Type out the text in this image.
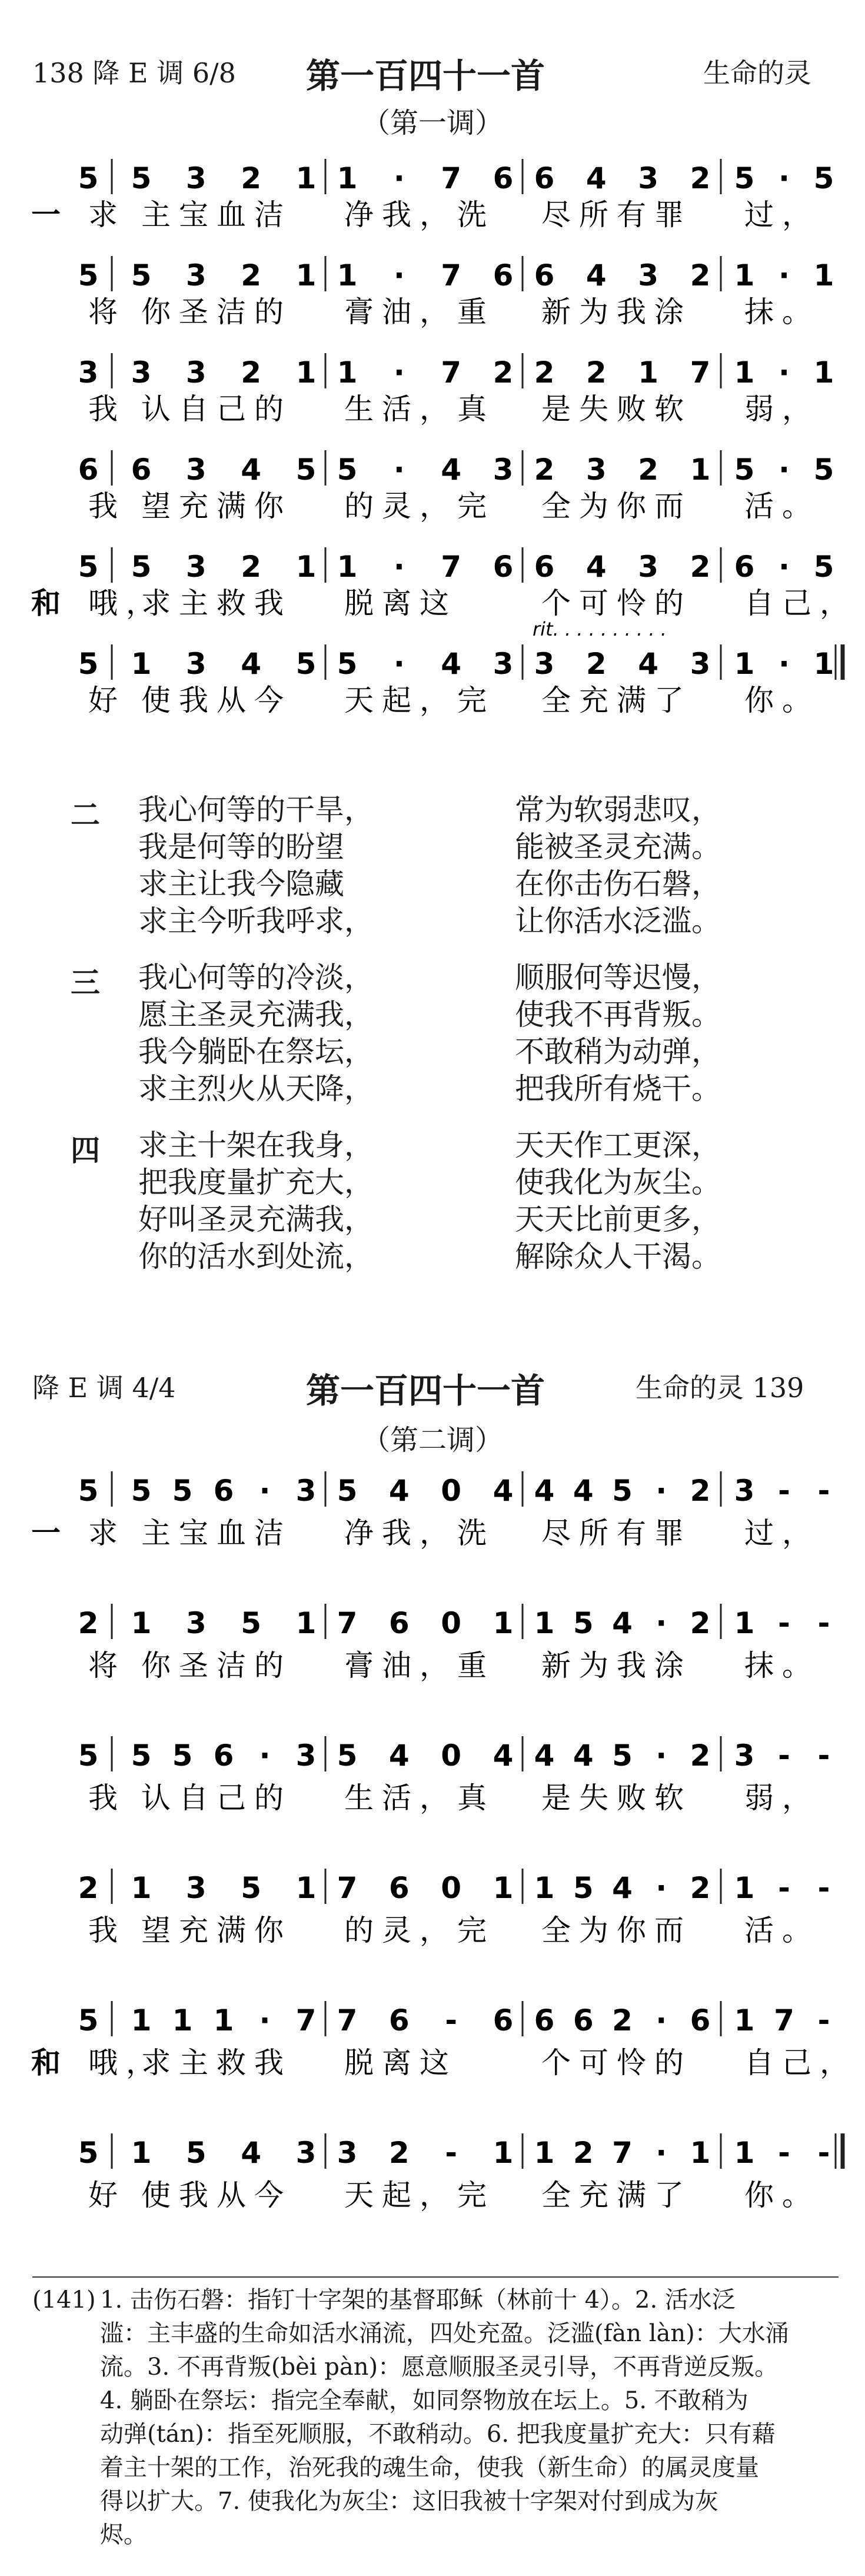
138 降 E 调 6/8 第一百四十一首	生命的灵
（第一调）
5 5 3 2 1 1 · 7 6 6 4 3 2 5 · 5
一 求 主宝血洁 净我，洗 尽所有罪 过，
5 5 3 2 1 1 · 7 6 6 4 3 2 1 · 1
将 你圣洁的 膏油，重 新为我涂 抹。
3 3 3 2 1 1 · 7 2 2 2 1 7 1 · 1
我 认自己的 生活，真 是失败软 弱，
6 6 3 4 5 5 · 4 3 2 3 2 1 5 · 5
我 望充满你 的灵，完 全为你而 活。
5 5 3 2 1 1 · 7 6 6 4 3 2 6 · 5
和 哦，
求主救我 脱离这	个可怜的 自己，
5 1 3 4 5 5 · 4 3 3 2 4 3 1 · 1
好 使我从今 天起，完 全充满了 你。
rit. . . . . . . . . .
二 我心何等的干旱，	常为软弱悲叹，
我是何等的盼望	能被圣灵充满。
求主让我今隐藏	在你击伤石磐，
求主今听我呼求，	让你活水泛滥。
三 我心何等的冷淡，	顺服何等迟慢，
愿主圣灵充满我，	使我不再背叛。
我今躺卧在祭坛，	不敢稍为动弹，
求主烈火从天降，	把我所有烧干。
四 求主十架在我身，	天天作工更深，
把我度量扩充大，	使我化为灰尘。
好叫圣灵充满我，	天天比前更多，
你的活水到处流，	解除众人干渴。
降 E 调 4/4	第一百四十一首	生命的灵 139
（第二调）
5 5 5 6 · 3 5 4 0 4 4 4 5 · 2 3 - -
一 求 主宝血洁 净我，洗 尽所有罪 过，
2 1 3 5 1 7 6 0 1 1 5 4 · 2 1 - -
将 你圣洁的 膏油，重 新为我涂 抹。
5 5 5 6 · 3 5 4 0 4 4 4 5 · 2 3 - -
我 认自己的 生活，真 是失败软 弱，
2 1 3 5 1 7 6 0 1 1 5 4 · 2 1 - -
我 望充满你 的灵，完 全为你而 活。
5 1 1 1 · 7 7 6 - 6 6 6 2 · 6 1 7 -
和 哦，
求主救我 脱离这	个可怜的 自己，
5 1 5 4 3 3 2 - 1 1 2 7 · 1 1 - -
好 使我从今 天起，完 全充满了 你。
(141) 1. 击伤石磐：指钉十字架的基督耶稣（林前十 4）。2. 活水泛
滥：主丰盛的生命如活水涌流，四处充盈。泛滥(fàn làn)：大水涌
流。3. 不再背叛(bèi pàn)：愿意顺服圣灵引导，不再背逆反叛。
4. 躺卧在祭坛：指完全奉献，如同祭物放在坛上。5. 不敢稍为
动弹(tán)：指至死顺服，不敢稍动。6. 把我度量扩充大：只有藉
着主十架的工作，治死我的魂生命，使我（新生命）的属灵度量
得以扩大。7. 使我化为灰尘：这旧我被十字架对付到成为灰
烬。
